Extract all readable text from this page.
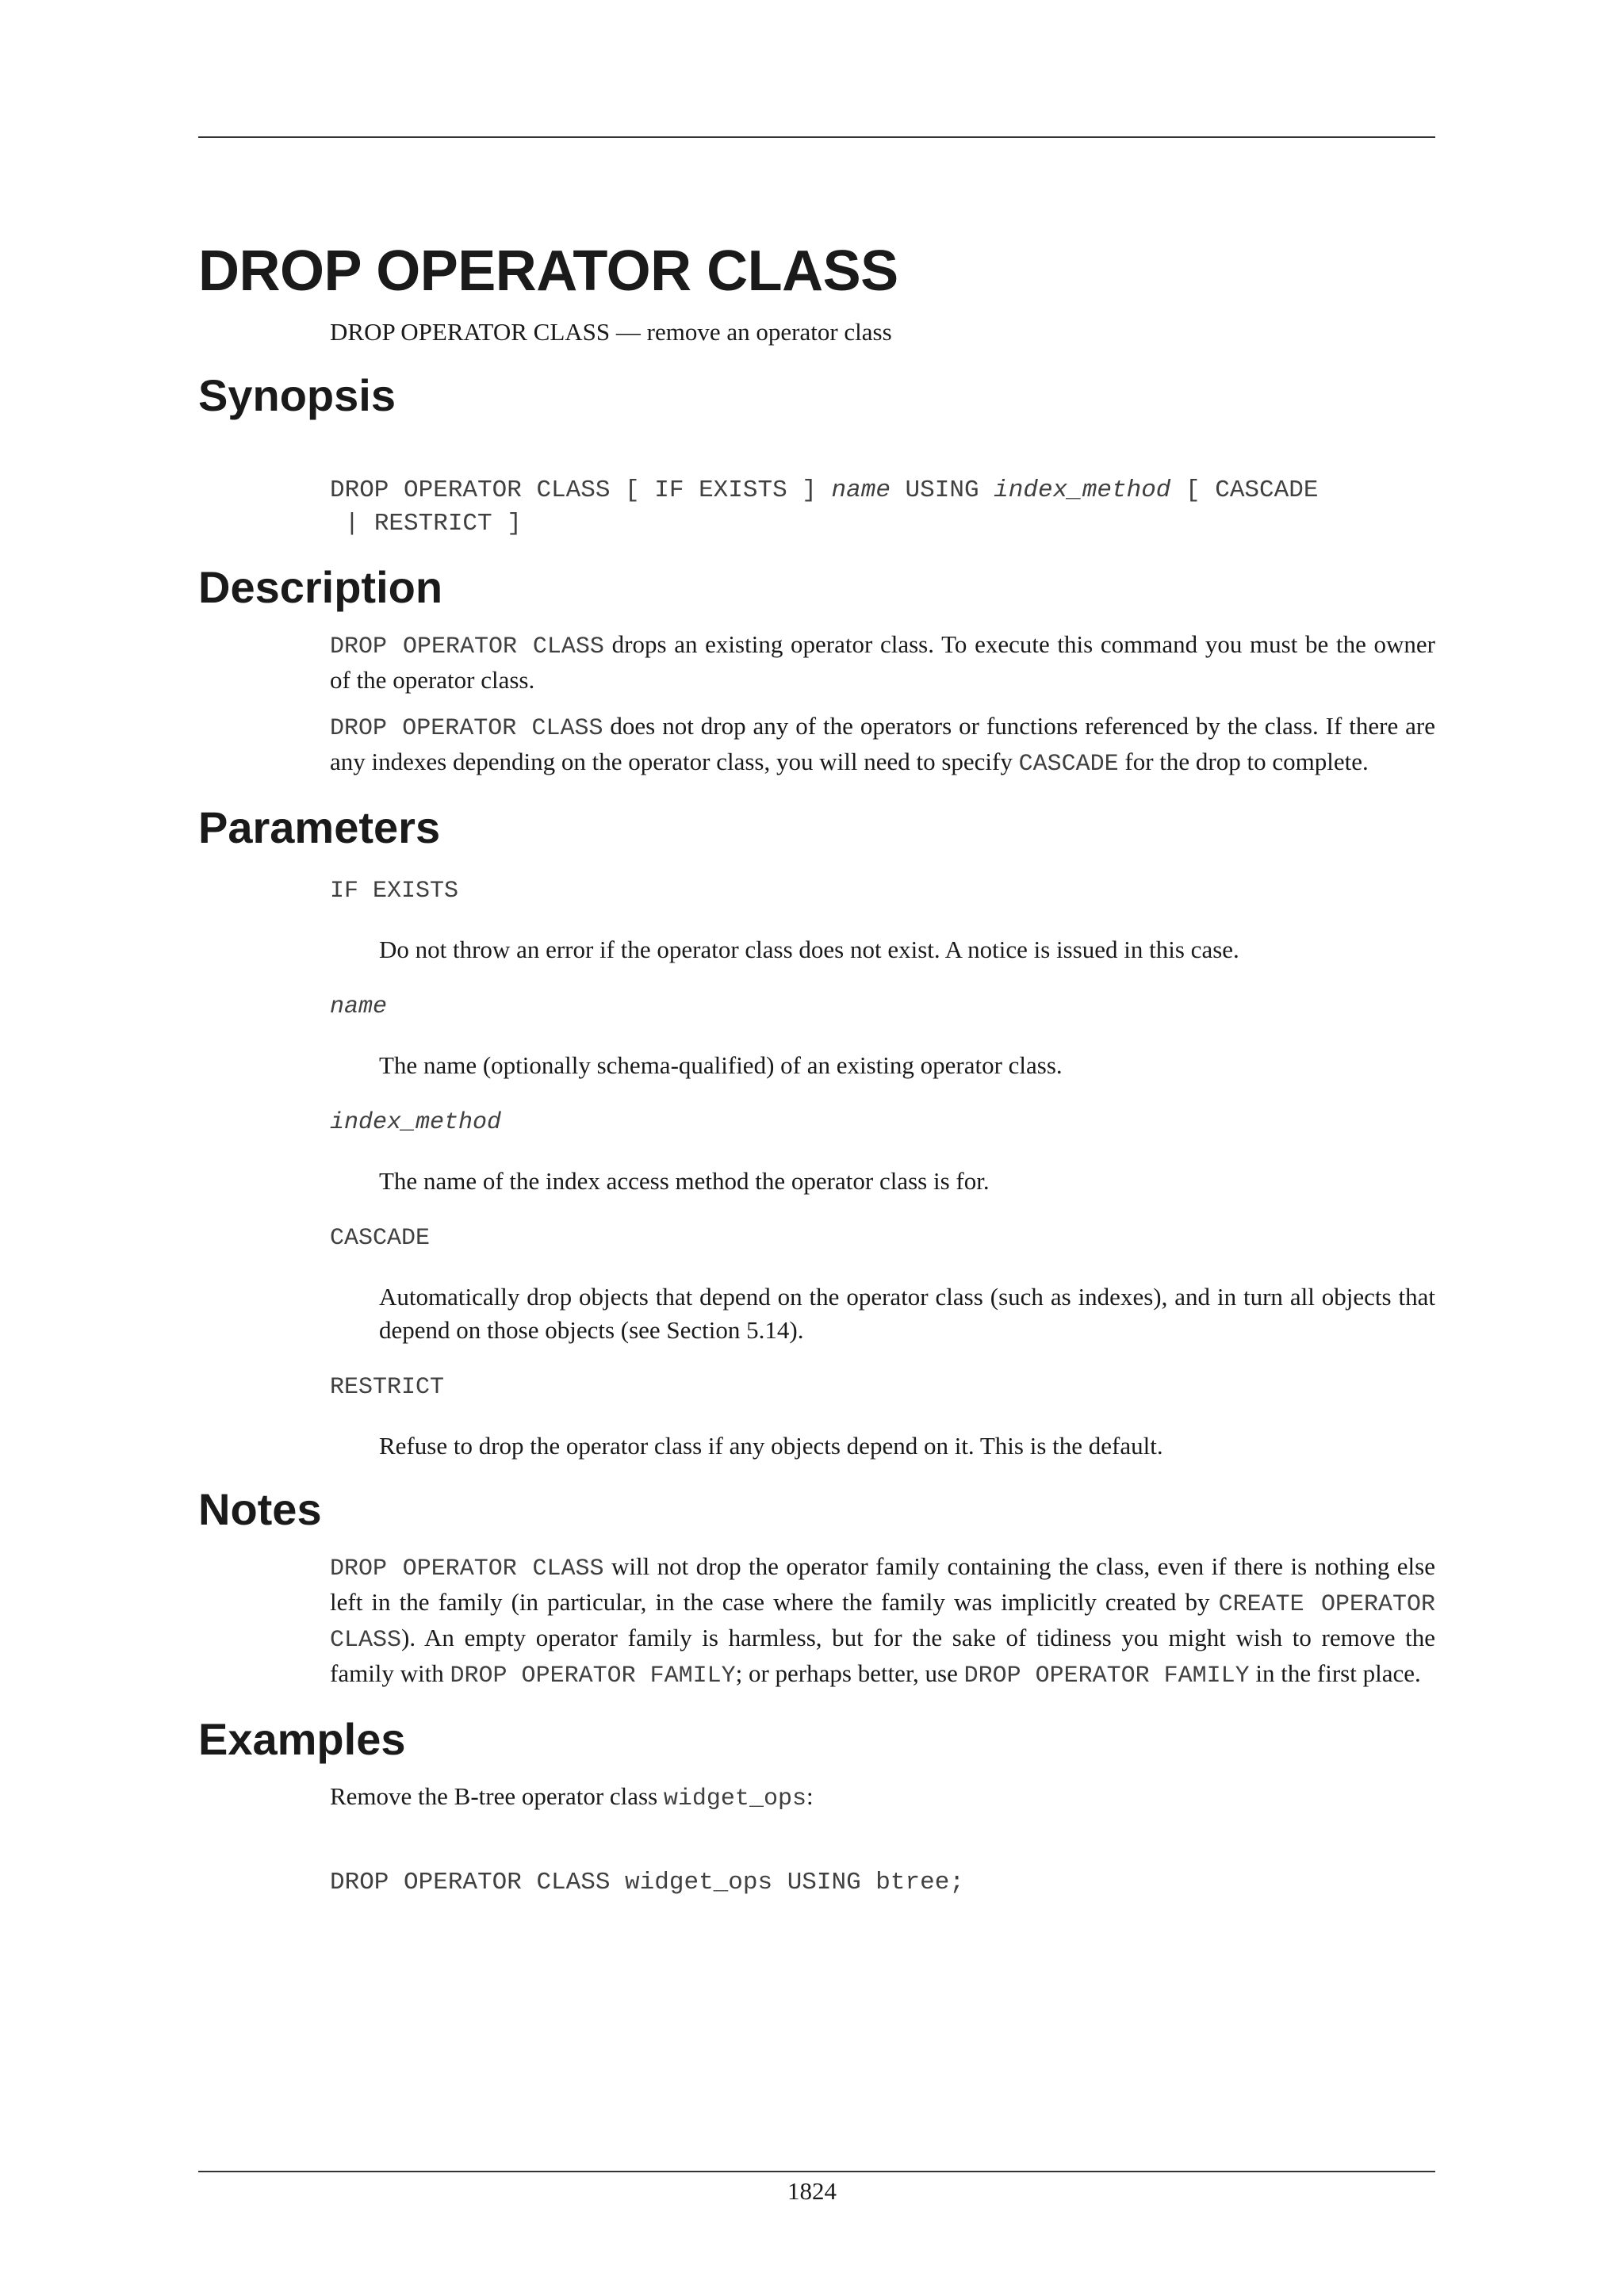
DROP OPERATOR CLASS

DROP OPERATOR CLASS — remove an operator class

Synopsis
DROP OPERATOR CLASS [ IF EXISTS ] name USING index_method [ CASCADE
| RESTRICT ]
Description

DROP OPERATOR CLASS drops an existing operator class. To execute this command you must be the owner of the operator class.

DROP OPERATOR CLASS does not drop any of the operators or functions referenced by the class. If there are any indexes depending on the operator class, you will need to specify CASCADE for the drop to complete.

Parameters
IF EXISTS

Do not throw an error if the operator class does not exist. A notice is issued in this case.

name

The name (optionally schema-qualified) of an existing operator class.

index_method

The name of the index access method the operator class is for.

CASCADE

Automatically drop objects that depend on the operator class (such as indexes), and in turn all objects that depend on those objects (see Section 5.14).

RESTRICT

Refuse to drop the operator class if any objects depend on it. This is the default.

Notes

DROP OPERATOR CLASS will not drop the operator family containing the class, even if there is nothing else left in the family (in particular, in the case where the family was implicitly created by CREATE OPERATOR CLASS). An empty operator family is harmless, but for the sake of tidiness you might wish to remove the family with DROP OPERATOR FAMILY; or perhaps better, use DROP OPERATOR FAMILY in the first place.

Examples

Remove the B-tree operator class widget_ops:

DROP OPERATOR CLASS widget_ops USING btree;
1824
